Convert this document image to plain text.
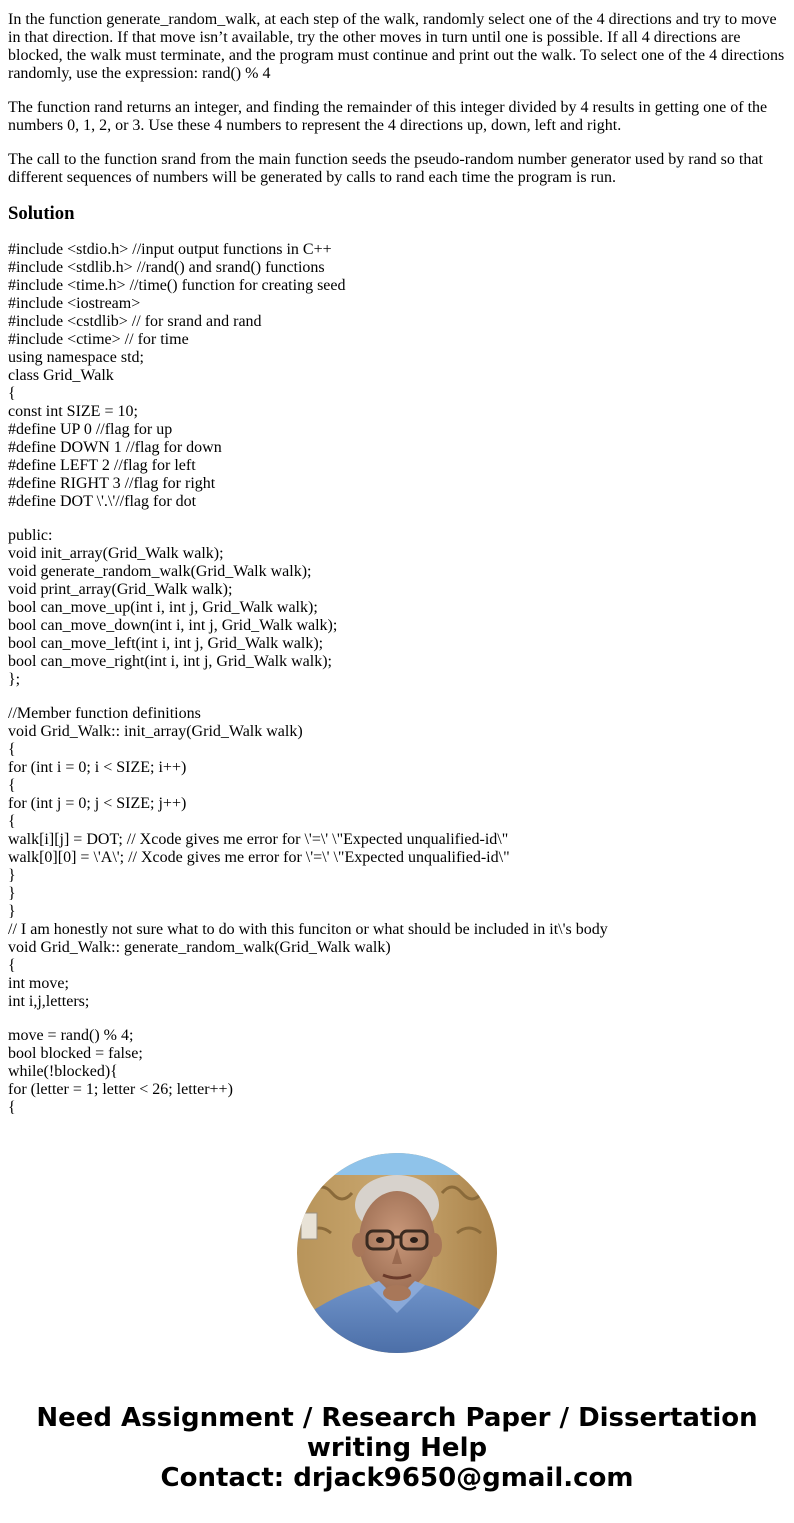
In the function generate_random_walk, at each step of the walk, randomly select one of the 4 directions and try to move in that direction. If that move isn’t available, try the other moves in turn until one is possible. If all 4 directions are blocked, the walk must terminate, and the program must continue and print out the walk. To select one of the 4 directions randomly, use the expression: rand() % 4

The function rand returns an integer, and finding the remainder of this integer divided by 4 results in getting one of the numbers 0, 1, 2, or 3. Use these 4 numbers to represent the 4 directions up, down, left and right.

The call to the function srand from the main function seeds the pseudo-random number generator used by rand so that different sequences of numbers will be generated by calls to rand each time the program is run.

Solution
#include <stdio.h> //input output functions in C++
#include <stdlib.h> //rand() and srand() functions
#include <time.h> //time() function for creating seed
#include <iostream>
#include <cstdlib> // for srand and rand
#include <ctime> // for time
using namespace std;
class Grid_Walk
{
const int SIZE = 10;
#define UP 0 //flag for up
#define DOWN 1 //flag for down
#define LEFT 2 //flag for left
#define RIGHT 3 //flag for right
#define DOT \'.\'//flag for dot
public:
void init_array(Grid_Walk walk);
void generate_random_walk(Grid_Walk walk);
void print_array(Grid_Walk walk);
bool can_move_up(int i, int j, Grid_Walk walk);
bool can_move_down(int i, int j, Grid_Walk walk);
bool can_move_left(int i, int j, Grid_Walk walk);
bool can_move_right(int i, int j, Grid_Walk walk);
};
//Member function definitions
void Grid_Walk:: init_array(Grid_Walk walk)
{
for (int i = 0; i < SIZE; i++)
{
for (int j = 0; j < SIZE; j++)
{
walk[i][j] = DOT; // Xcode gives me error for \'=\' \"Expected unqualified-id\"
walk[0][0] = \'A\'; // Xcode gives me error for \'=\' \"Expected unqualified-id\"
}
}
}
// I am honestly not sure what to do with this funciton or what should be included in it\'s body
void Grid_Walk:: generate_random_walk(Grid_Walk walk)
{
int move;
int i,j,letters;
move = rand() % 4;
bool blocked = false;
while(!blocked){
for (letter = 1; letter < 26; letter++)
{
Need Assignment / Research Paper / Dissertation
writing Help
Contact: drjack9650@gmail.com
